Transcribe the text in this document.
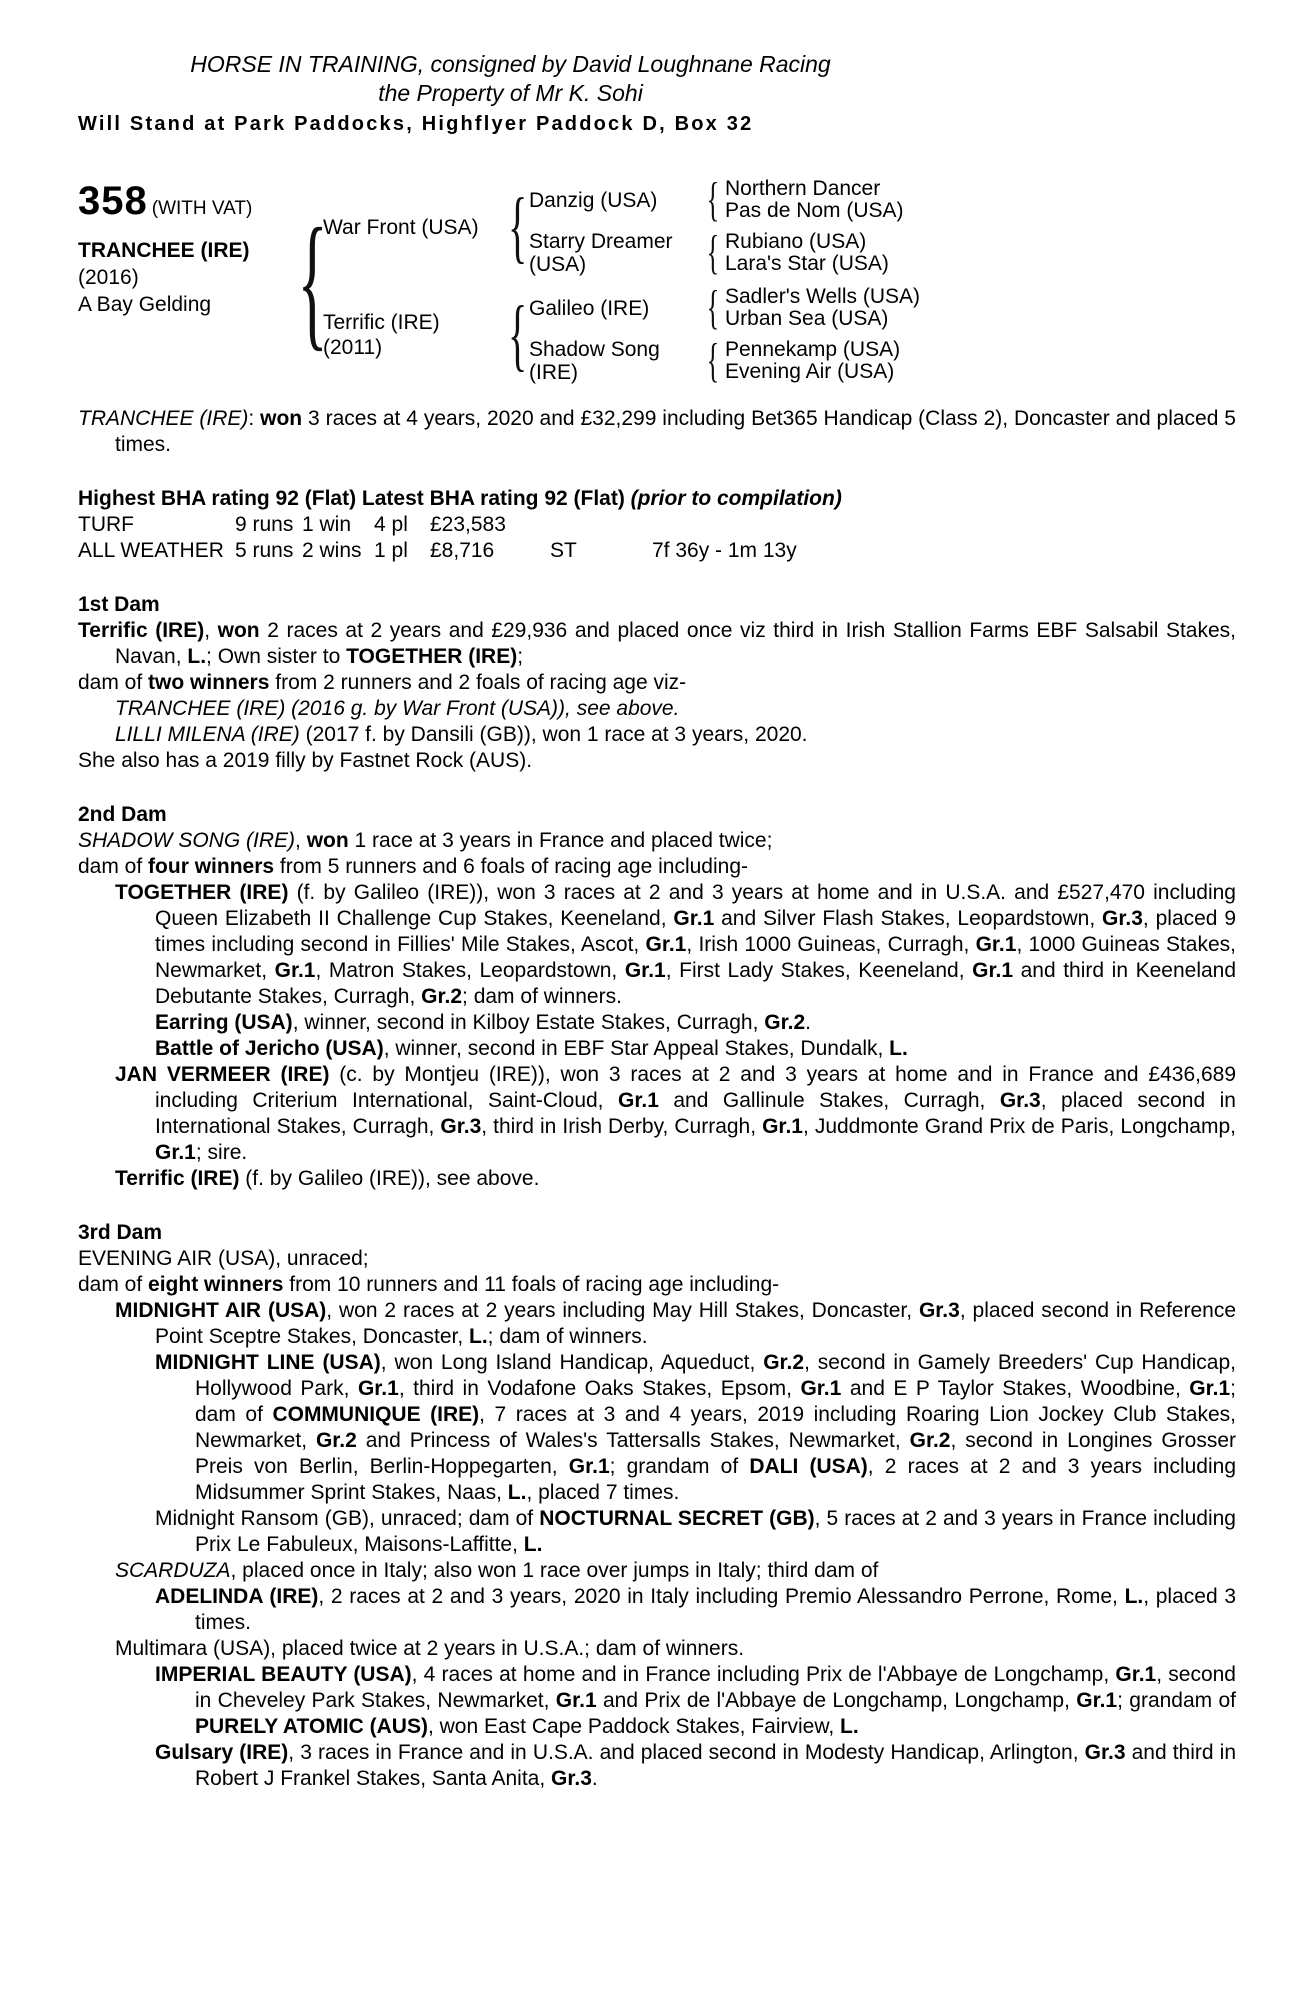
HORSE IN TRAINING, consigned by David Loughnane Racing
the Property of Mr K. Sohi
Will Stand at Park Paddocks, Highflyer Paddock D, Box 32
358 (WITH VAT)
TRANCHEE (IRE)
(2016)
A Bay Gelding
{
War Front (USA)
{
Danzig (USA) {	Northern Dancer
Pas de Nom (USA)
Starry Dreamer (USA)
{
Rubiano (USA)
Lara's Star (USA)
Terrific (IRE)
(2011)
{
Galileo (IRE) {	Sadler's Wells (USA)
Urban Sea (USA)
Shadow Song (IRE)
{
Pennekamp (USA)
Evening Air (USA)
TRANCHEE (IRE): won 3 races at 4 years, 2020 and £32,299 including Bet365 Handicap (Class 2), Doncaster and placed 5 times.
Highest BHA rating 92 (Flat) Latest BHA rating 92 (Flat) (prior to compilation)
TURF	9 runs 1 win	4 pl	£23,583
ALL WEATHER 5 runs 2 wins 1 pl	£8,716	ST	7f 36y - 1m 13y
1st Dam
Terrific (IRE), won 2 races at 2 years and £29,936 and placed once viz third in Irish Stallion Farms EBF Salsabil Stakes, Navan, L.; Own sister to TOGETHER (IRE);
dam of two winners from 2 runners and 2 foals of racing age viz-
TRANCHEE (IRE) (2016 g. by War Front (USA)), see above.
LILLI MILENA (IRE) (2017 f. by Dansili (GB)), won 1 race at 3 years, 2020.
She also has a 2019 filly by Fastnet Rock (AUS).
2nd Dam
SHADOW SONG (IRE), won 1 race at 3 years in France and placed twice;
dam of four winners from 5 runners and 6 foals of racing age including-
TOGETHER (IRE) (f. by Galileo (IRE)), won 3 races at 2 and 3 years at home and in U.S.A. and £527,470 including Queen Elizabeth II Challenge Cup Stakes, Keeneland, Gr.1 and Silver Flash Stakes, Leopardstown, Gr.3, placed 9 times including second in Fillies' Mile Stakes, Ascot, Gr.1, Irish 1000 Guineas, Curragh, Gr.1, 1000 Guineas Stakes, Newmarket, Gr.1, Matron Stakes, Leopardstown, Gr.1, First Lady Stakes, Keeneland, Gr.1 and third in Keeneland Debutante Stakes, Curragh, Gr.2; dam of winners.
Earring (USA), winner, second in Kilboy Estate Stakes, Curragh, Gr.2.
Battle of Jericho (USA), winner, second in EBF Star Appeal Stakes, Dundalk, L.
JAN VERMEER (IRE) (c. by Montjeu (IRE)), won 3 races at 2 and 3 years at home and in France and £436,689 including Criterium International, Saint-Cloud, Gr.1 and Gallinule Stakes, Curragh, Gr.3, placed second in International Stakes, Curragh, Gr.3, third in Irish Derby, Curragh, Gr.1, Juddmonte Grand Prix de Paris, Longchamp, Gr.1; sire.
Terrific (IRE) (f. by Galileo (IRE)), see above.
3rd Dam
EVENING AIR (USA), unraced;
dam of eight winners from 10 runners and 11 foals of racing age including-
MIDNIGHT AIR (USA), won 2 races at 2 years including May Hill Stakes, Doncaster, Gr.3, placed second in Reference Point Sceptre Stakes, Doncaster, L.; dam of winners.
MIDNIGHT LINE (USA), won Long Island Handicap, Aqueduct, Gr.2, second in Gamely Breeders' Cup Handicap, Hollywood Park, Gr.1, third in Vodafone Oaks Stakes, Epsom, Gr.1 and E P Taylor Stakes, Woodbine, Gr.1; dam of COMMUNIQUE (IRE), 7 races at 3 and 4 years, 2019 including Roaring Lion Jockey Club Stakes, Newmarket, Gr.2 and Princess of Wales's Tattersalls Stakes, Newmarket, Gr.2, second in Longines Grosser Preis von Berlin, Berlin-Hoppegarten, Gr.1; grandam of DALI (USA), 2 races at 2 and 3 years including Midsummer Sprint Stakes, Naas, L., placed 7 times.
Midnight Ransom (GB), unraced; dam of NOCTURNAL SECRET (GB), 5 races at 2 and 3 years in France including Prix Le Fabuleux, Maisons-Laffitte, L.
SCARDUZA, placed once in Italy; also won 1 race over jumps in Italy; third dam of
ADELINDA (IRE), 2 races at 2 and 3 years, 2020 in Italy including Premio Alessandro Perrone, Rome, L., placed 3 times.
Multimara (USA), placed twice at 2 years in U.S.A.; dam of winners.
IMPERIAL BEAUTY (USA), 4 races at home and in France including Prix de l'Abbaye de Longchamp, Gr.1, second in Cheveley Park Stakes, Newmarket, Gr.1 and Prix de l'Abbaye de Longchamp, Longchamp, Gr.1; grandam of PURELY ATOMIC (AUS), won East Cape Paddock Stakes, Fairview, L.
Gulsary (IRE), 3 races in France and in U.S.A. and placed second in Modesty Handicap, Arlington, Gr.3 and third in Robert J Frankel Stakes, Santa Anita, Gr.3.
